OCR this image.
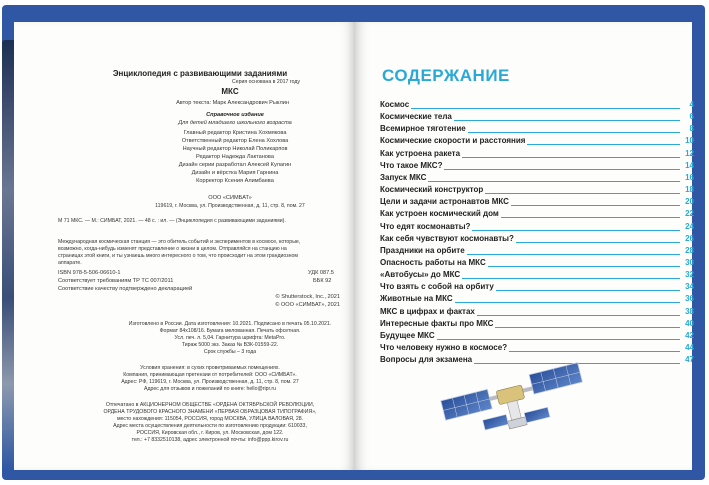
Энциклопедия с развивающими заданиями
Серия основана в 2017 году
МКС
Автор текста: Марк Александрович Рыклин
Справочное издание
Для детей младшего школьного возраста
Главный редактор Кристина Хохмякова
Ответственный редактор Елена Хохлова
Научный редактор Николай Поликарпов
Редактор Надежда Лактанова
Дизайн серии разработал Алексей Кулагин
Дизайн и вёрстка Мария Гарнина
Корректор Ксения Алимбаева
ООО «СИМБАТ»
119619, г. Москва, ул. Производственная, д. 11, стр. 8, пом. 27
М 71 МКС. — М.: СИМБАТ, 2021. — 48 с. : ил. — (Энциклопедия с развивающими заданиями).
Международная космическая станция — это обитель событий и экспериментов в космосе, которые,
возможно, когда-нибудь изменят представление о жизни в целом. Отправляйся на станцию на
страницах этой книги, и ты узнаешь много интересного о том, что происходит на этом грандиозном
аппарате.
ISBN 978-5-506-06610-1	УДК 087.5
Соответствует требованиям ТР ТС 007/2011	ББК 92
Соответствие качеству подтверждено декларацией
© Shutterstock, Inc., 2021
© ООО «СИМБАТ», 2021
Изготовлено в России. Дата изготовления: 10.2021. Подписано в печать 05.10.2021.
Формат 84х108/16. Бумага мелованная. Печать офсетная.
Усл. печ. л. 5,04. Гарнитура шрифта: MetaPro.
Тираж 5000 экз. Заказ № ВЗК-01559-22.
Срок службы – 3 года
Условия хранения: в сухих проветриваемых помещениях.
Компания, принимающая претензии от потребителей: ООО «СИМБАТ».
Адрес: РФ, 119619, г. Москва, ул. Производственная, д. 11, стр. 8, пом. 27
Адрес для отзывов и пожеланий по книге: hello@ripr.ru
Отпечатано в АКЦИОНЕРНОМ ОБЩЕСТВЕ «ОРДЕНА ОКТЯБРЬСКОЙ РЕВОЛЮЦИИ,
ОРДЕНА ТРУДОВОГО КРАСНОГО ЗНАМЕНИ «ПЕРВАЯ ОБРАЗЦОВАЯ ТИПОГРАФИЯ»,
место нахождения: 115054, РОССИЯ, город МОСКВА, УЛИЦА ВАЛОВАЯ, 28.
Адрес места осуществления деятельности по изготовлению продукции: 610033,
РОССИЯ, Кировская обл., г. Киров, ул. Московская, дом 122.
тел.: +7 8332510138, адрес электронной почты: info@ppp.kirov.ru
СОДЕРЖАНИЕ
Космос	4
Космические тела	6
Всемирное тяготение	8
Космические скорости и расстояния	10
Как устроена ракета	12
Что такое МКС?	14
Запуск МКС	16
Космический конструктор	18
Цели и задачи астронавтов МКС	20
Как устроен космический дом	22
Что едят космонавты?	24
Как себя чувствуют космонавты?	26
Праздники на орбите	28
Опасность работы на МКС	30
«Автобусы» до МКС	32
Что взять с собой на орбиту	34
Животные на МКС	36
МКС в цифрах и фактах	38
Интересные факты про МКС	40
Будущее МКС	42
Что человеку нужно в космосе?	44
Вопросы для экзамена	47
